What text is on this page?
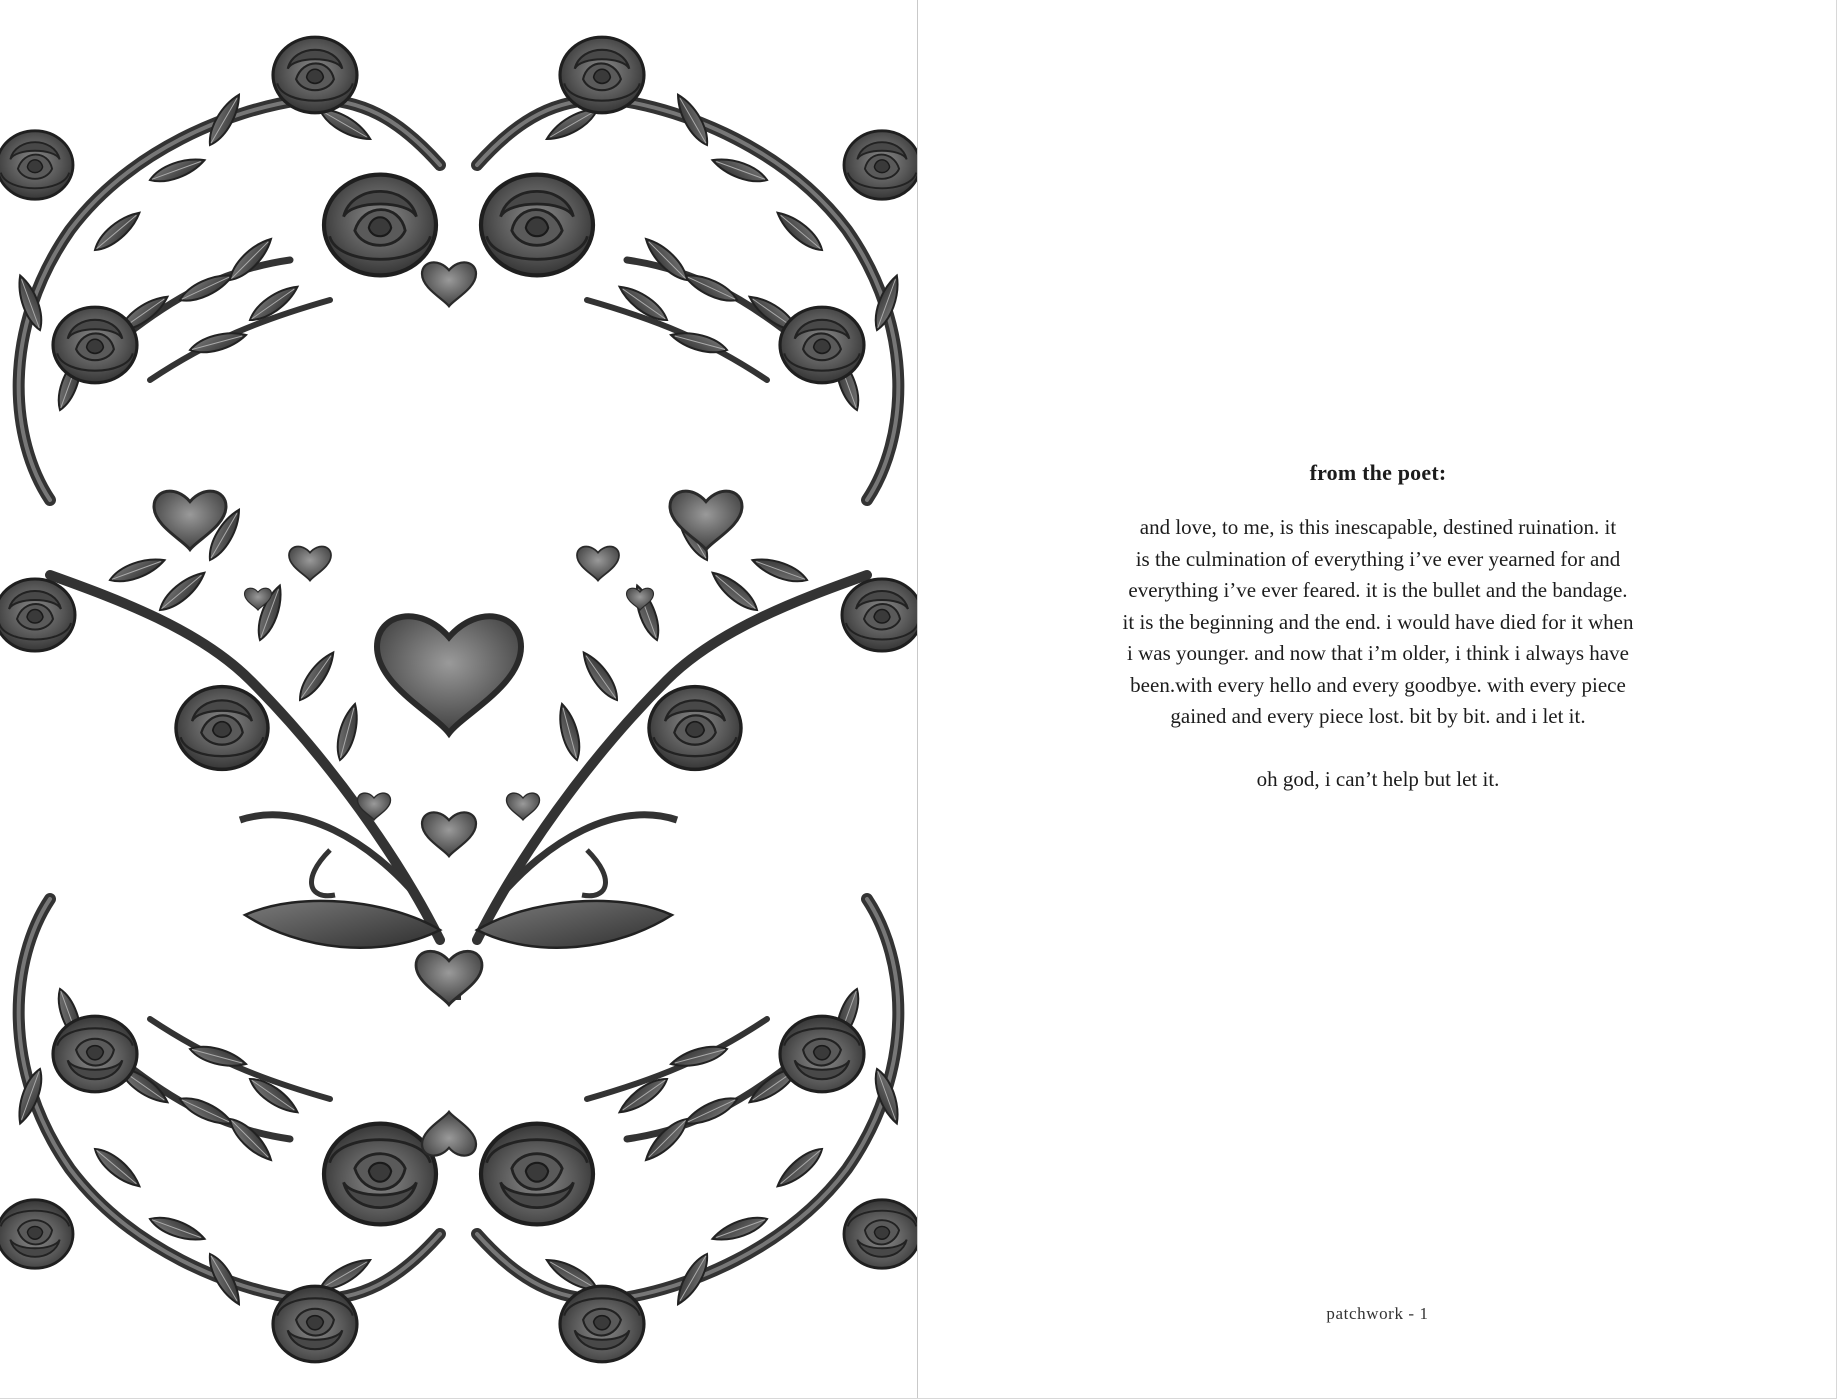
from the poet:

and love, to me, is this inescapable, destined ruination. it

is the culmination of everything i’ve ever yearned for and

everything i’ve ever feared. it is the bullet and the bandage.

it is the beginning and the end. i would have died for it when

i was younger. and now that i’m older, i think i always have

been.with every hello and every goodbye. with every piece

gained and every piece lost. bit by bit. and i let it.

oh god, i can’t help but let it.

patchwork - 1
